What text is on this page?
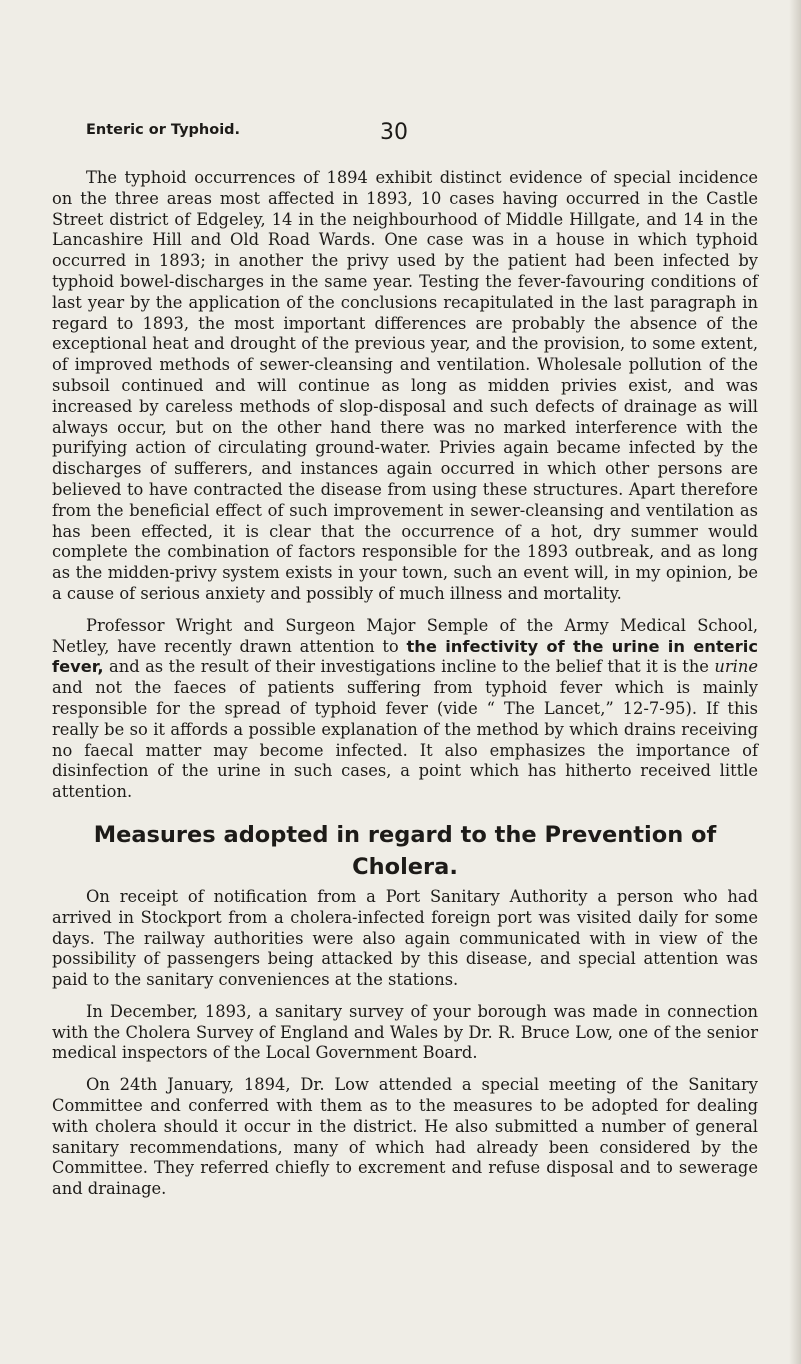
Enteric or Typhoid.	30

The typhoid occurrences of 1894 exhibit distinct evidence of special incidence on the three areas most affected in 1893, 10 cases having occurred in the Castle Street district of Edgeley, 14 in the neighbourhood of Middle Hillgate, and 14 in the Lancashire Hill and Old Road Wards. One case was in a house in which typhoid occurred in 1893; in another the privy used by the patient had been infected by typhoid bowel-discharges in the same year. Testing the fever-favouring conditions of last year by the application of the conclusions recapitulated in the last paragraph in regard to 1893, the most important differences are probably the absence of the exceptional heat and drought of the previous year, and the provision, to some extent, of improved methods of sewer-cleansing and ventilation. Wholesale pollution of the subsoil continued and will continue as long as midden privies exist, and was increased by careless methods of slop-disposal and such defects of drainage as will always occur, but on the other hand there was no marked interference with the purifying action of circulating ground-water. Privies again became infected by the discharges of sufferers, and instances again occurred in which other persons are believed to have contracted the disease from using these structures. Apart therefore from the beneficial effect of such improvement in sewer-cleansing and ventilation as has been effected, it is clear that the occurrence of a hot, dry summer would complete the combination of factors responsible for the 1893 outbreak, and as long as the midden-privy system exists in your town, such an event will, in my opinion, be a cause of serious anxiety and possibly of much illness and mortality.

Professor Wright and Surgeon Major Semple of the Army Medical School, Netley, have recently drawn attention to the infectivity of the urine in enteric fever, and as the result of their investigations incline to the belief that it is the urine and not the faeces of patients suffering from typhoid fever which is mainly responsible for the spread of typhoid fever (vide “ The Lancet,” 12-7-95). If this really be so it affords a possible explanation of the method by which drains receiving no faecal matter may become infected. It also emphasizes the importance of disinfection of the urine in such cases, a point which has hitherto received little attention.

Measures adopted in regard to the Prevention of Cholera.

On receipt of notification from a Port Sanitary Authority a person who had arrived in Stockport from a cholera-infected foreign port was visited daily for some days. The railway authorities were also again communicated with in view of the possibility of passengers being attacked by this disease, and special attention was paid to the sanitary conveniences at the stations.

In December, 1893, a sanitary survey of your borough was made in connection with the Cholera Survey of England and Wales by Dr. R. Bruce Low, one of the senior medical inspectors of the Local Government Board.

On 24th January, 1894, Dr. Low attended a special meeting of the Sanitary Committee and conferred with them as to the measures to be adopted for dealing with cholera should it occur in the district. He also submitted a number of general sanitary recommendations, many of which had already been considered by the Committee. They referred chiefly to excrement and refuse disposal and to sewerage and drainage.
